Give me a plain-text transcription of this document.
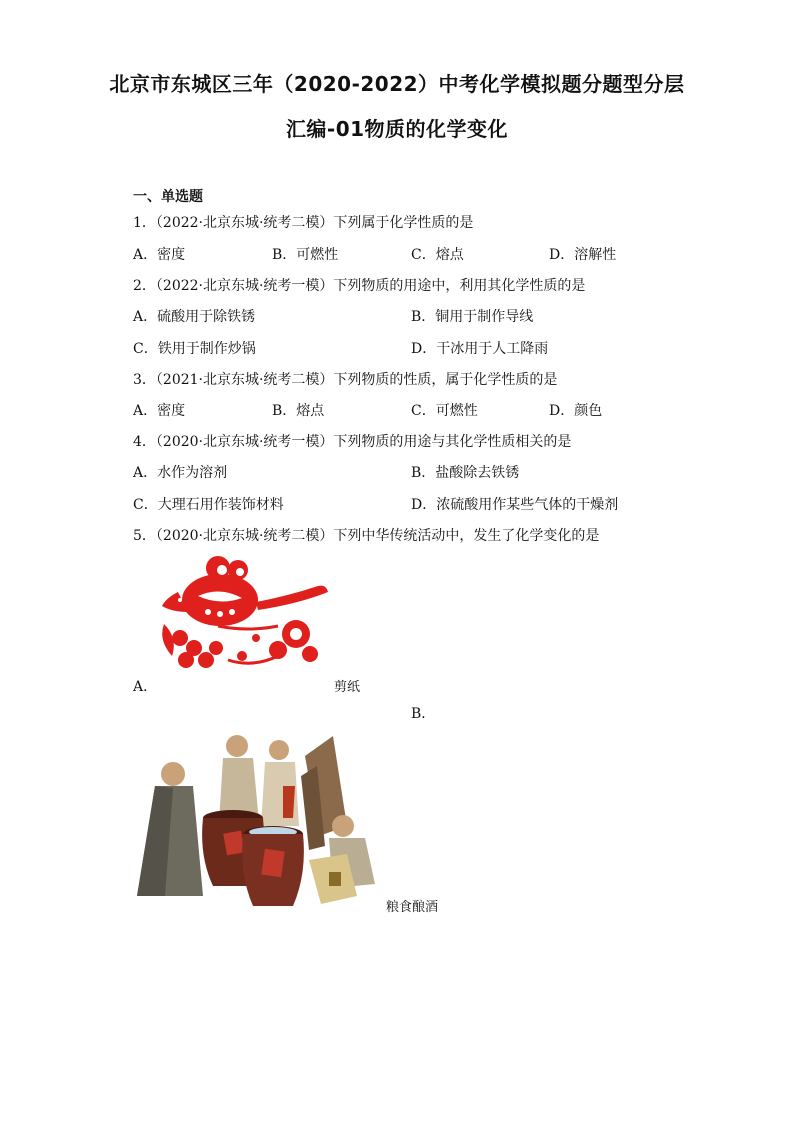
北京市东城区三年（2020-2022）中考化学模拟题分题型分层
汇编-01物质的化学变化
一、单选题
1．（2022·北京东城·统考二模）下列属于化学性质的是
A．密度	B．可燃性	C．熔点	D．溶解性
2．（2022·北京东城·统考一模）下列物质的用途中，利用其化学性质的是
A．硫酸用于除铁锈	B．铜用于制作导线
C．铁用于制作炒锅	D．干冰用于人工降雨
3．（2021·北京东城·统考二模）下列物质的性质，属于化学性质的是
A．密度	B．熔点	C．可燃性	D．颜色
4．（2020·北京东城·统考一模）下列物质的用途与其化学性质相关的是
A．水作为溶剂	B．盐酸除去铁锈
C．大理石用作装饰材料	D．浓硫酸用作某些气体的干燥剂
5．（2020·北京东城·统考二模）下列中华传统活动中，发生了化学变化的是
A．	剪纸
B．
粮食酿酒
